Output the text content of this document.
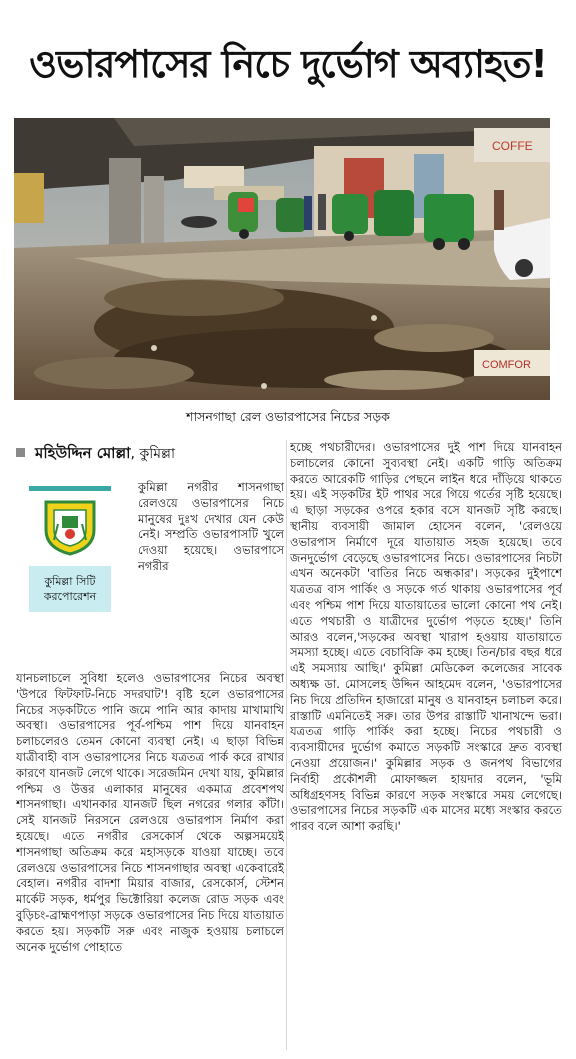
ওভারপাসের নিচে দুর্ভোগ অব্যাহত!
COFFE
COMFOR
শাসনগাছা রেল ওভারপাসের নিচের সড়ক
মহিউদ্দিন মোল্লা, কুমিল্লা
কুমিল্লা সিটি
করপোরেশন

কুমিল্লা নগরীর শাসনগাছা রেলওয়ে ওভারপাসের নিচে মানুষের দুঃখ দেখার যেন কেউ নেই। সম্প্রতি ওভারপাসটি খুলে দেওয়া হয়েছে। ওভারপাসে নগরীর

যানচলাচলে সুবিধা হলেও ওভারপাসের নিচের অবস্থা 'উপরে ফিটফাট-নিচে সদরঘাট'! বৃষ্টি হলে ওভারপাসের নিচের সড়কটিতে পানি জমে পানি আর কাদায় মাখামাখি অবস্থা। ওভারপাসের পূর্ব-পশ্চিম পাশ দিয়ে যানবাহন চলাচলেরও তেমন কোনো ব্যবস্থা নেই। এ ছাড়া বিভিন্ন যাত্রীবাহী বাস ওভারপাসের নিচে যত্রতত্র পার্ক করে রাখার কারণে যানজট লেগে থাকে। সরেজমিন দেখা যায়, কুমিল্লার পশ্চিম ও উত্তর এলাকার মানুষের একমাত্র প্রবেশপথ শাসনগাছা। এখানকার যানজট ছিল নগরের গলার কাঁটা। সেই যানজট নিরসনে রেলওয়ে ওভারপাস নির্মাণ করা হয়েছে। এতে নগরীর রেসকোর্স থেকে অল্পসময়েই শাসনগাছা অতিক্রম করে মহাসড়কে যাওয়া যাচ্ছে। তবে রেলওয়ে ওভারপাসের নিচে শাসনগাছার অবস্থা একেবারেই বেহাল। নগরীর বাদশা মিয়ার বাজার, রেসকোর্স, স্টেশন মার্কেট সড়ক, ধর্মপুর ভিক্টোরিয়া কলেজ রোড সড়ক এবং বুড়িচং-ব্রাহ্মণপাড়া সড়কে ওভারপাসের নিচ দিয়ে যাতায়াত করতে হয়। সড়কটি সরু এবং নাজুক হওয়ায় চলাচলে অনেক দুর্ভোগ পোহাতে

হচ্ছে পথচারীদের। ওভারপাসের দুই পাশ দিয়ে যানবাহন চলাচলের কোনো সুব্যবস্থা নেই। একটি গাড়ি অতিক্রম করতে আরেকটি গাড়ির পেছনে লাইন ধরে দাঁড়িয়ে থাকতে হয়। এই সড়কটির ইট পাথর সরে গিয়ে গর্তের সৃষ্টি হয়েছে। এ ছাড়া সড়কের ওপরে হকার বসে যানজট সৃষ্টি করছে। স্থানীয় ব্যবসায়ী জামাল হোসেন বলেন, 'রেলওয়ে ওভারপাস নির্মাণে দূরে যাতায়াত সহজ হয়েছে। তবে জনদুর্ভোগ বেড়েছে ওভারপাসের নিচে। ওভারপাসের নিচটা এখন অনেকটা 'বাতির নিচে অন্ধকার'। সড়কের দুইপাশে যত্রতত্র বাস পার্কিং ও সড়কে গর্ত থাকায় ওভারপাসের পূর্ব এবং পশ্চিম পাশ দিয়ে যাতায়াতের ভালো কোনো পথ নেই। এতে পথচারী ও যাত্রীদের দুর্ভোগ পড়তে হচ্ছে।' তিনি আরও বলেন,'সড়কের অবস্থা খারাপ হওয়ায় যাতায়াতে সমস্যা হচ্ছে। এতে বেচাবিক্রি কম হচ্ছে। তিন/চার বছর ধরে এই সমস্যায় আছি।' কুমিল্লা মেডিকেল কলেজের সাবেক অধ্যক্ষ ডা. মোসলেহ উদ্দিন আহমেদ বলেন, 'ওভারপাসের নিচ দিয়ে প্রতিদিন হাজারো মানুষ ও যানবাহন চলাচল করে। রাস্তাটি এমনিতেই সরু। তার উপর রাস্তাটি খানাখন্দে ভরা। যত্রতত্র গাড়ি পার্কিং করা হচ্ছে। নিচের পথচারী ও ব্যবসায়ীদের দুর্ভোগ কমাতে সড়কটি সংস্কারে দ্রুত ব্যবস্থা নেওয়া প্রয়োজন।' কুমিল্লার সড়ক ও জনপথ বিভাগের নির্বাহী প্রকৌশলী মোফাজ্জল হায়দার বলেন, 'ভূমি অধিগ্রহণসহ বিভিন্ন কারণে সড়ক সংস্কারে সময় লেগেছে। ওভারপাসের নিচের সড়কটি এক মাসের মধ্যে সংস্কার করতে পারব বলে আশা করছি।'
